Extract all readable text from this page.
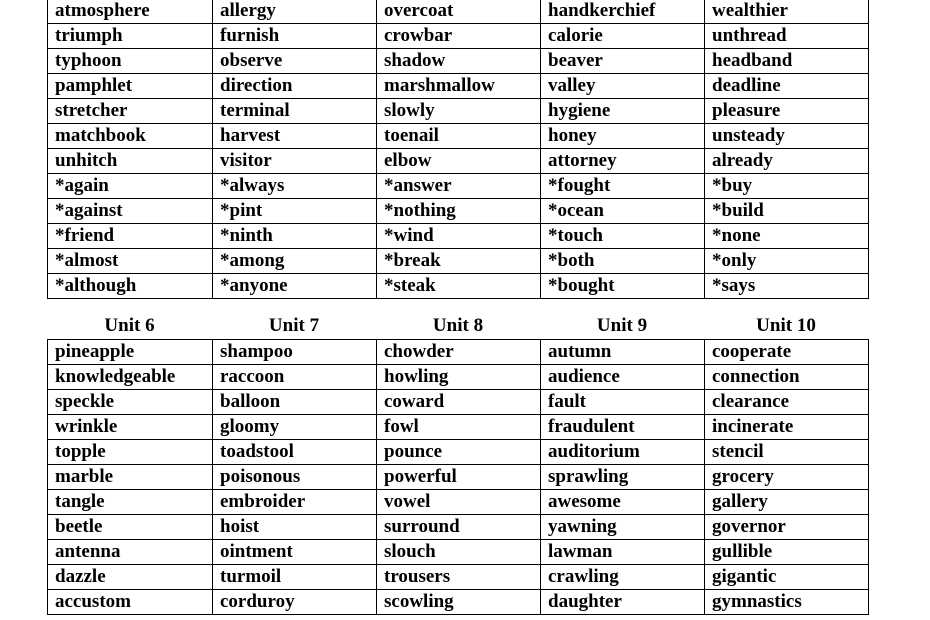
atmosphere	allergy	overcoat	handkerchief	wealthier
triumph	furnish	crowbar	calorie	unthread
typhoon	observe	shadow	beaver	headband
pamphlet	direction	marshmallow	valley	deadline
stretcher	terminal	slowly	hygiene	pleasure
matchbook	harvest	toenail	honey	unsteady
unhitch	visitor	elbow	attorney	already
*again	*always	*answer	*fought	*buy
*against	*pint	*nothing	*ocean	*build
*friend	*ninth	*wind	*touch	*none
*almost	*among	*break	*both	*only
*although	*anyone	*steak	*bought	*says
Unit 6	Unit 7	Unit 8	Unit 9	Unit 10
pineapple	shampoo	chowder	autumn	cooperate
knowledgeable	raccoon	howling	audience	connection
speckle	balloon	coward	fault	clearance
wrinkle	gloomy	fowl	fraudulent	incinerate
topple	toadstool	pounce	auditorium	stencil
marble	poisonous	powerful	sprawling	grocery
tangle	embroider	vowel	awesome	gallery
beetle	hoist	surround	yawning	governor
antenna	ointment	slouch	lawman	gullible
dazzle	turmoil	trousers	crawling	gigantic
accustom	corduroy	scowling	daughter	gymnastics
